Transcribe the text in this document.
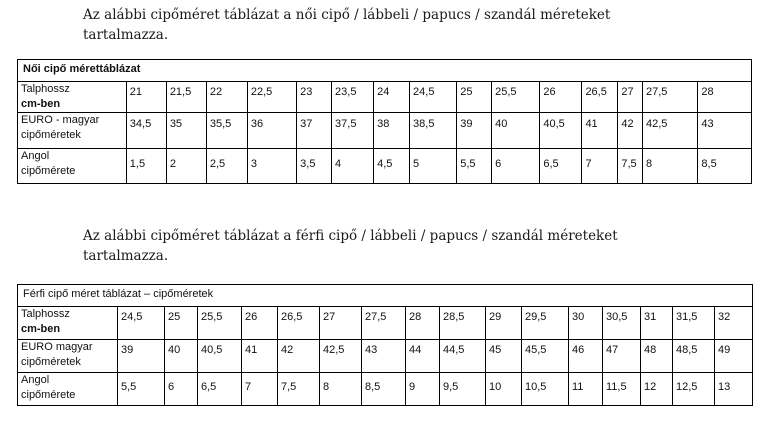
Az alábbi cipőméret táblázat a női cipő / lábbeli / papucs / szandál méreteket
tartalmazza.
Női cipő mérettáblázat															

Talphossz
cm-ben	21	21,5	22	22,5	23	23,5	24	24,5	25	25,5	26	26,5	27	27,5	28

EURO - magyar
cipőméretek	34,5	35	35,5	36	37	37,5	38	38,5	39	40	40,5	41	42	42,5	43

Angol
cipőmérete	1,5	2	2,5	3	3,5	4	4,5	5	5,5	6	6,5	7	7,5	8	8,5
Az alábbi cipőméret táblázat a férfi cipő / lábbeli / papucs / szandál méreteket
tartalmazza.
Férfi cipő méret táblázat – cipőméretek																

Talphossz
cm-ben	24,5	25	25,5	26	26,5	27	27,5	28	28,5	29	29,5	30	30,5	31	31,5	32

EURO magyar
cipőméretek	39	40	40,5	41	42	42,5	43	44	44,5	45	45,5	46	47	48	48,5	49

Angol
cipőmérete	5,5	6	6,5	7	7,5	8	8,5	9	9,5	10	10,5	11	11,5	12	12,5	13
